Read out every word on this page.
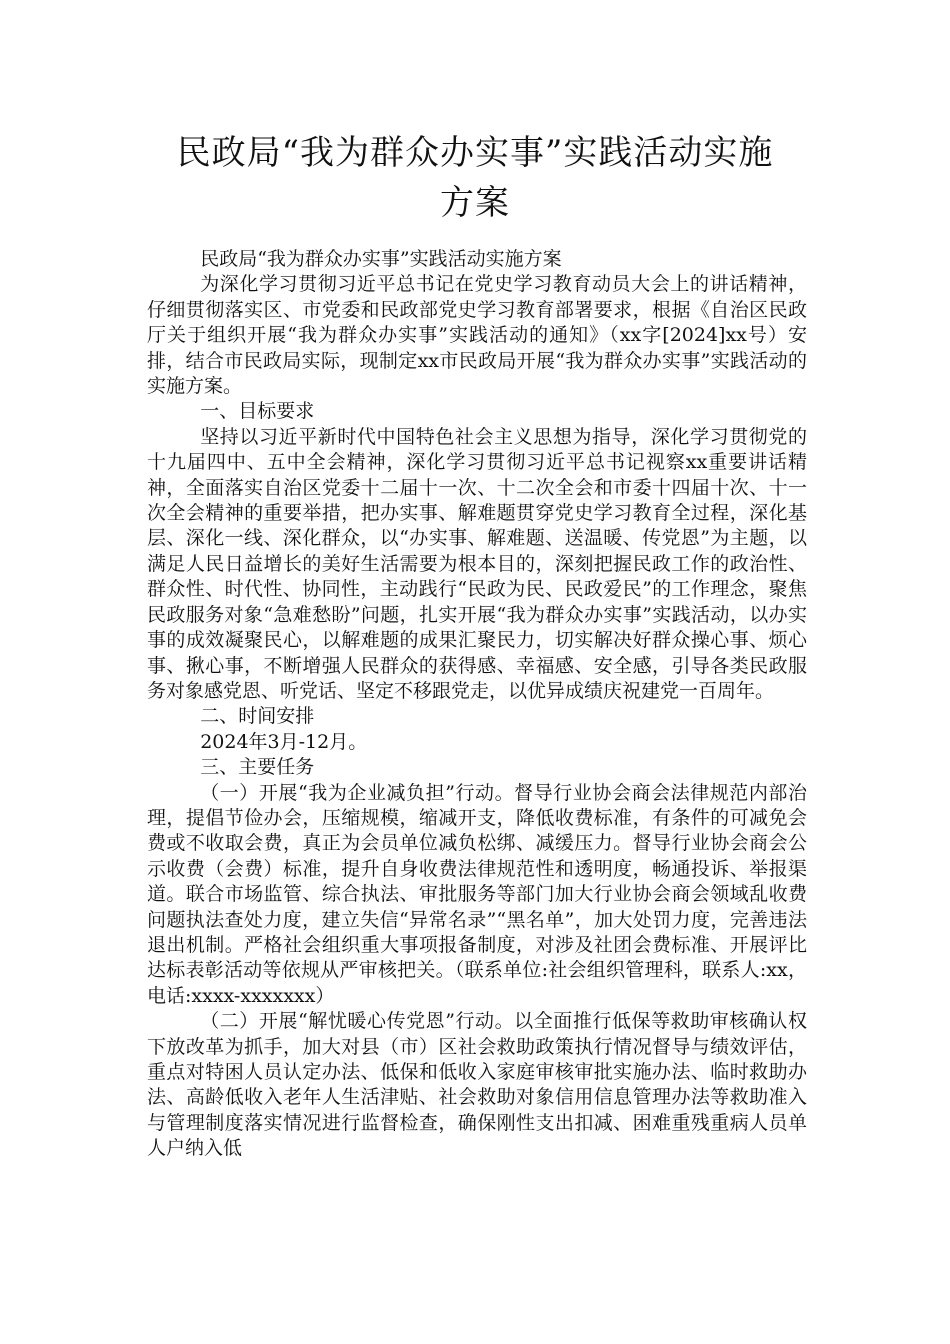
民政局“我为群众办实事”实践活动实施
方案

民政局“我为群众办实事”实践活动实施方案

为深化学习贯彻习近平总书记在党史学习教育动员大会上的讲话精神，仔细贯彻落实区、市党委和民政部党史学习教育部署要求，根据《自治区民政厅关于组织开展“我为群众办实事”实践活动的通知》（xx字[2024]xx号）安排，结合市民政局实际，现制定xx市民政局开展“我为群众办实事”实践活动的实施方案。

一、目标要求

坚持以习近平新时代中国特色社会主义思想为指导，深化学习贯彻党的十九届四中、五中全会精神，深化学习贯彻习近平总书记视察xx重要讲话精神，全面落实自治区党委十二届十一次、十二次全会和市委十四届十次、十一次全会精神的重要举措，把办实事、解难题贯穿党史学习教育全过程，深化基层、深化一线、深化群众，以“办实事、解难题、送温暖、传党恩”为主题，以满足人民日益增长的美好生活需要为根本目的，深刻把握民政工作的政治性、群众性、时代性、协同性，主动践行“民政为民、民政爱民”的工作理念，聚焦民政服务对象“急难愁盼”问题，扎实开展“我为群众办实事”实践活动，以办实事的成效凝聚民心，以解难题的成果汇聚民力，切实解决好群众操心事、烦心事、揪心事，不断增强人民群众的获得感、幸福感、安全感，引导各类民政服务对象感党恩、听党话、坚定不移跟党走，以优异成绩庆祝建党一百周年。

二、时间安排

2024年3月-12月。

三、主要任务

（一）开展“我为企业减负担”行动。督导行业协会商会法律规范内部治理，提倡节俭办会，压缩规模，缩减开支，降低收费标准，有条件的可减免会费或不收取会费，真正为会员单位减负松绑、减缓压力。督导行业协会商会公示收费（会费）标准，提升自身收费法律规范性和透明度，畅通投诉、举报渠道。联合市场监管、综合执法、审批服务等部门加大行业协会商会领域乱收费问题执法查处力度，建立失信“异常名录”“黑名单”，加大处罚力度，完善违法退出机制。严格社会组织重大事项报备制度，对涉及社团会费标准、开展评比达标表彰活动等依规从严审核把关。（联系单位:社会组织管理科，联系人:xx，电话:xxxx-xxxxxxx）

（二）开展“解忧暖心传党恩”行动。以全面推行低保等救助审核确认权下放改革为抓手，加大对县（市）区社会救助政策执行情况督导与绩效评估，重点对特困人员认定办法、低保和低收入家庭审核审批实施办法、临时救助办法、高龄低收入老年人生活津贴、社会救助对象信用信息管理办法等救助准入与管理制度落实情况进行监督检查，确保刚性支出扣减、困难重残重病人员单人户纳入低
